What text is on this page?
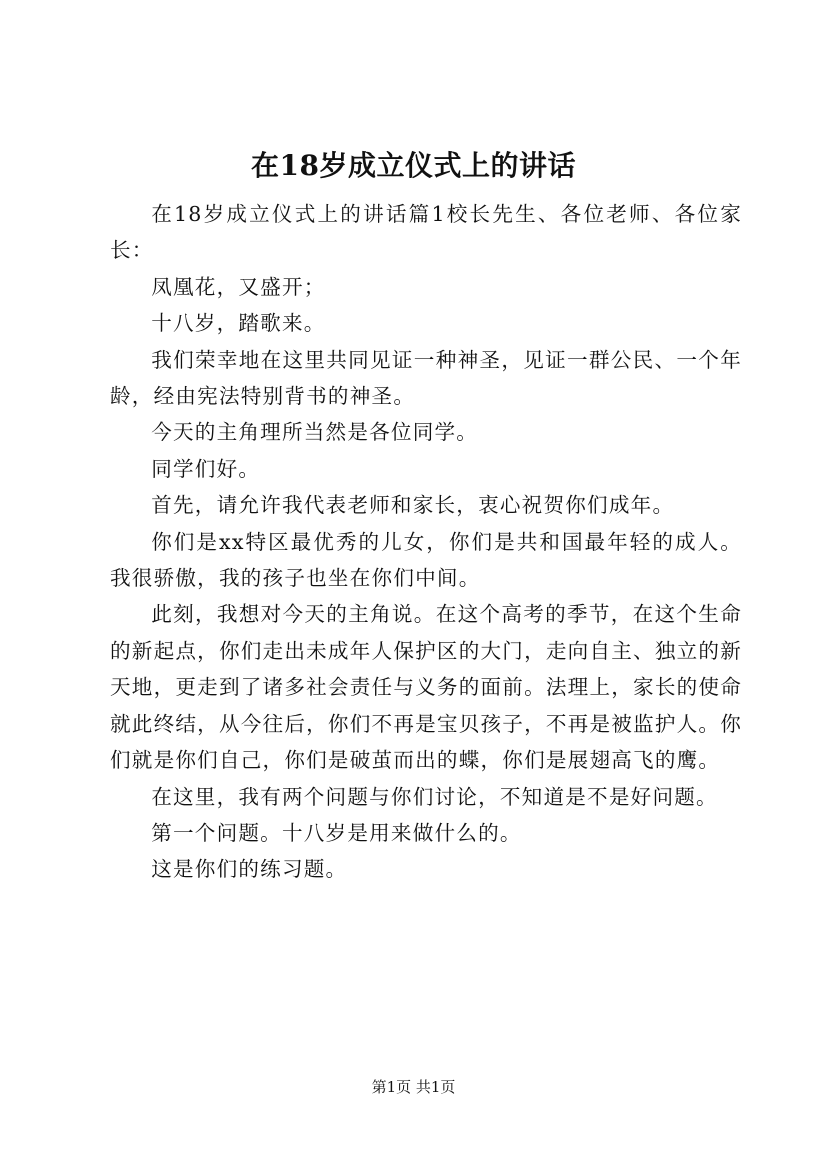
在18岁成立仪式上的讲话

在18岁成立仪式上的讲话篇1校长先生、各位老师、各位家长：

凤凰花，又盛开；

十八岁，踏歌来。

我们荣幸地在这里共同见证一种神圣，见证一群公民、一个年龄，经由宪法特别背书的神圣。

今天的主角理所当然是各位同学。

同学们好。

首先，请允许我代表老师和家长，衷心祝贺你们成年。

你们是xx特区最优秀的儿女，你们是共和国最年轻的成人。我很骄傲，我的孩子也坐在你们中间。

此刻，我想对今天的主角说。在这个高考的季节，在这个生命的新起点，你们走出未成年人保护区的大门，走向自主、独立的新天地，更走到了诸多社会责任与义务的面前。法理上，家长的使命就此终结，从今往后，你们不再是宝贝孩子，不再是被监护人。你们就是你们自己，你们是破茧而出的蝶，你们是展翅高飞的鹰。

在这里，我有两个问题与你们讨论，不知道是不是好问题。

第一个问题。十八岁是用来做什么的。

这是你们的练习题。

第1页 共1页
